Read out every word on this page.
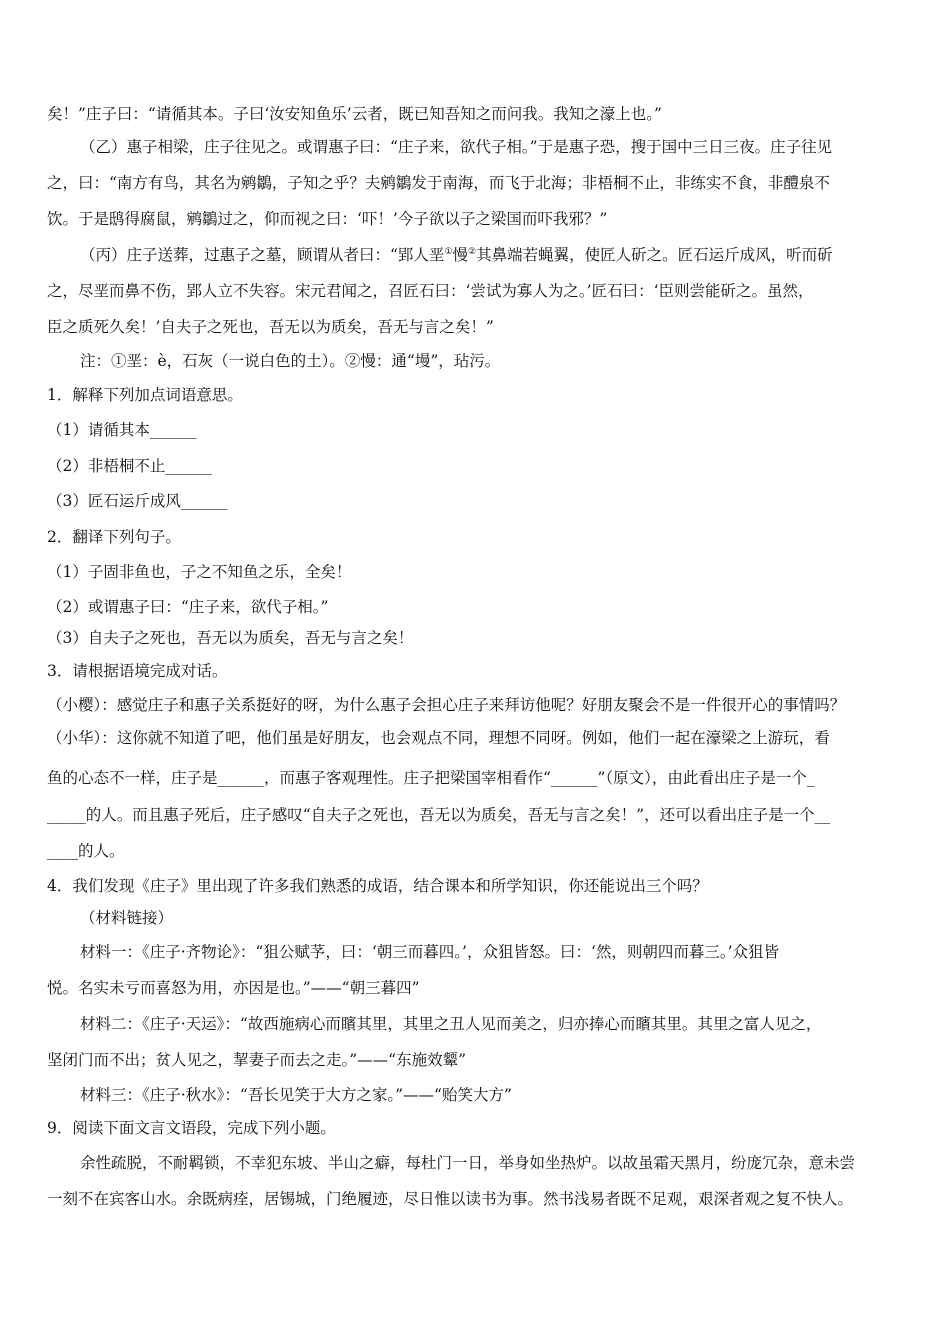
矣！”庄子曰：“请循其本。子曰‘汝安知鱼乐’云者，既已知吾知之而问我。我知之濠上也。”
（乙）惠子相梁，庄子往见之。或谓惠子曰：“庄子来，欲代子相。”于是惠子恐，搜于国中三日三夜。庄子往见
之，曰：“南方有鸟，其名为鹓鶵，子知之乎？夫鹓鶵发于南海，而飞于北海；非梧桐不止，非练实不食，非醴泉不
饮。于是鸱得腐鼠，鹓鶵过之，仰而视之曰：‘吓！’今子欲以子之梁国而吓我邪？”
（丙）庄子送葬，过惠子之墓，顾谓从者曰：“郢人垩①慢②其鼻端若蝇翼，使匠人斫之。匠石运斤成风，听而斫
之，尽垩而鼻不伤，郢人立不失容。宋元君闻之，召匠石曰：‘尝试为寡人为之。’匠石曰：‘臣则尝能斫之。虽然，
臣之质死久矣！’自夫子之死也，吾无以为质矣，吾无与言之矣！”
注：①垩：è，石灰（一说白色的土）。②慢：通“墁”，玷污。
1．解释下列加点词语意思。
（1）请循其本______
（2）非梧桐不止______
（3）匠石运斤成风______
2．翻译下列句子。
（1）子固非鱼也，子之不知鱼之乐，全矣！
（2）或谓惠子曰：“庄子来，欲代子相。”
（3）自夫子之死也，吾无以为质矣，吾无与言之矣！
3．请根据语境完成对话。
（小樱）：感觉庄子和惠子关系挺好的呀，为什么惠子会担心庄子来拜访他呢？好朋友聚会不是一件很开心的事情吗？
（小华）：这你就不知道了吧，他们虽是好朋友，也会观点不同，理想不同呀。例如，他们一起在濠梁之上游玩，看
鱼的心态不一样，庄子是______，而惠子客观理性。庄子把梁国宰相看作“______”（原文），由此看出庄子是一个_
_____的人。而且惠子死后，庄子感叹“自夫子之死也，吾无以为质矣，吾无与言之矣！”，还可以看出庄子是一个__
____的人。
4．我们发现《庄子》里出现了许多我们熟悉的成语，结合课本和所学知识，你还能说出三个吗？
（材料链接）
材料一：《庄子·齐物论》：“狙公赋芧，曰：‘朝三而暮四。’，众狙皆怒。曰：‘然，则朝四而暮三。’众狙皆
悦。名实未亏而喜怒为用，亦因是也。”——“朝三暮四”
材料二：《庄子·天运》：“故西施病心而矉其里，其里之丑人见而美之，归亦捧心而矉其里。其里之富人见之，
坚闭门而不出；贫人见之，挈妻子而去之走。”——“东施效颦”
材料三：《庄子·秋水》：“吾长见笑于大方之家。”——“贻笑大方”
9．阅读下面文言文语段，完成下列小题。
余性疏脱，不耐羁锁，不幸犯东坡、半山之癖，每杜门一日，举身如坐热炉。以故虽霜天黑月，纷庞冗杂，意未尝
一刻不在宾客山水。余既病痊，居锡城，门绝履迹，尽日惟以读书为事。然书浅易者既不足观，艰深者观之复不快人。
